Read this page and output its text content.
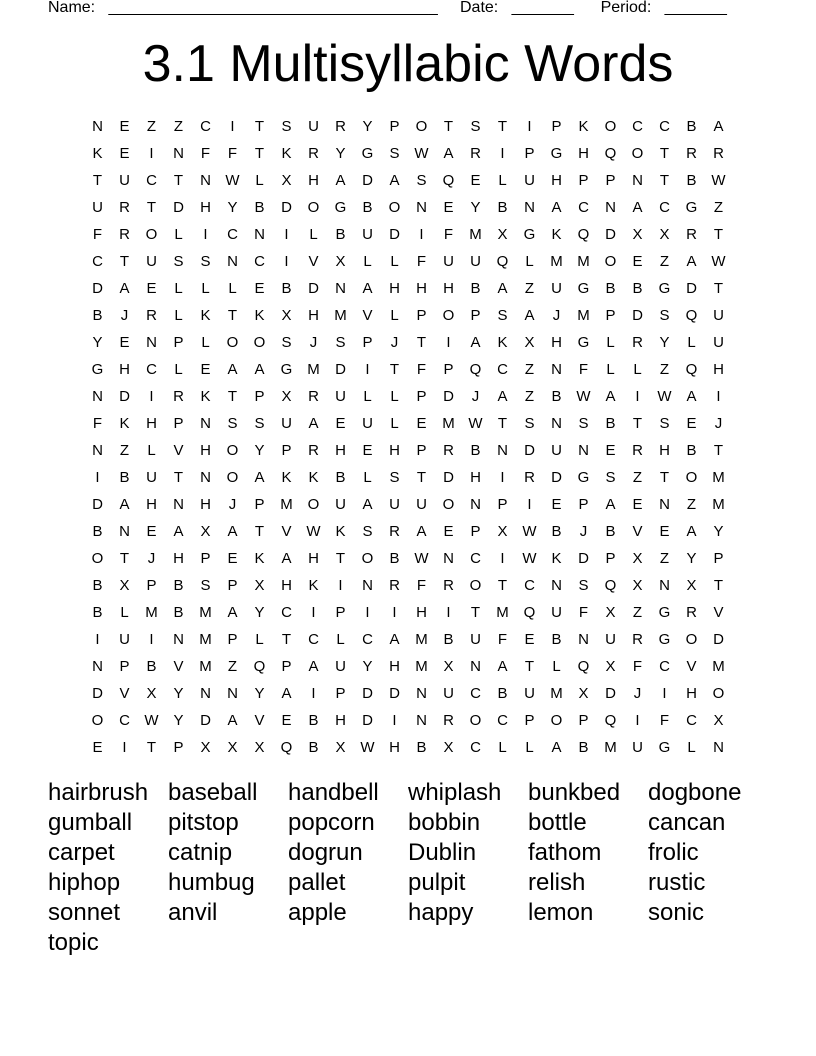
Name: _____________________________________ Date: _______ Period: _______
3.1 Multisyllabic Words
N	E	Z	Z	C	I	T	S	U	R	Y	P	O	T	S	T	I	P	K	O	C	C	B	A
K	E	I	N	F	F	T	K	R	Y	G	S W A	R	I	P	G	H	Q	O	T	R	R
T	U	C	T	N W	L	X	H	A	D	A	S	Q	E	L	U	H	P	P	N	T	B W
U	R	T	D	H	Y	B	D	O	G	B	O	N	E	Y	B	N	A	C	N	A	C	G	Z
F	R	O	L	I	C	N	I	L	B	U	D	I	F	M	X	G	K	Q	D	X	X	R	T
C	T	U	S	S	N	C	I	V	X	L	L	F	U	U	Q	L	M M O	E	Z	A W
D	A	E	L	L	L	E	B	D	N	A	H	H	H	B	A	Z	U	G	B	B	G	D	T
B	J	R	L	K	T	K	X	H	M	V	L	P	O	P	S	A	J	M	P	D	S	Q	U
Y	E	N	P	L	O	O	S	J	S	P	J	T	I	A	K	X	H	G	L	R	Y	L	U
G	H	C	L	E	A	A	G M	D	I	T	F	P	Q	C	Z	N	F	L	L	Z	Q	H
N	D	I	R	K	T	P	X	R	U	L	L	P	D	J	A	Z	B W A	I	W A	I
F	K	H	P	N	S	S	U	A	E	U	L	E	M W	T	S	N	S	B	T	S	E	J
N	Z	L	V	H	O	Y	P	R	H	E	H	P	R	B	N	D	U	N	E	R	H	B	T
I	B	U	T	N	O	A	K	K	B	L	S	T	D	H	I	R	D	G	S	Z	T	O M
D	A	H	N	H	J	P	M O	U	A	U	U	O	N	P	I	E	P	A	E	N	Z	M
B	N	E	A	X	A	T	V W K	S	R	A	E	P	X W B	J	B	V	E	A	Y
O	T	J	H	P	E	K	A	H	T	O	B W N	C	I	W K	D	P	X	Z	Y	P
B	X	P	B	S	P	X	H	K	I	N	R	F	R	O	T	C	N	S	Q	X	N	X	T
B	L	M	B	M	A	Y	C	I	P	I	I	H	I	T	M Q	U	F	X	Z	G	R	V
I	U	I	N	M	P	L	T	C	L	C	A	M	B	U	F	E	B	N	U	R	G	O	D
N	P	B	V	M	Z	Q	P	A	U	Y	H	M	X	N	A	T	L	Q	X	F	C	V	M
D	V	X	Y	N	N	Y	A	I	P	D	D	N	U	C	B	U	M	X	D	J	I	H	O
O	C W Y	D	A	V	E	B	H	D	I	N	R	O	C	P	O	P	Q	I	F	C	X
E	I	T	P	X	X	X	Q	B	X W H	B	X	C	L	L	A	B	M	U	G	L	N
hairbrush baseball	handbell	whiplash	bunkbed	dogbone
gumball	pitstop	popcorn	bobbin	bottle	cancan
carpet	catnip	dogrun	Dublin	fathom	frolic
hiphop	humbug	pallet	pulpit	relish	rustic
sonnet	anvil	apple	happy	lemon	sonic
topic
